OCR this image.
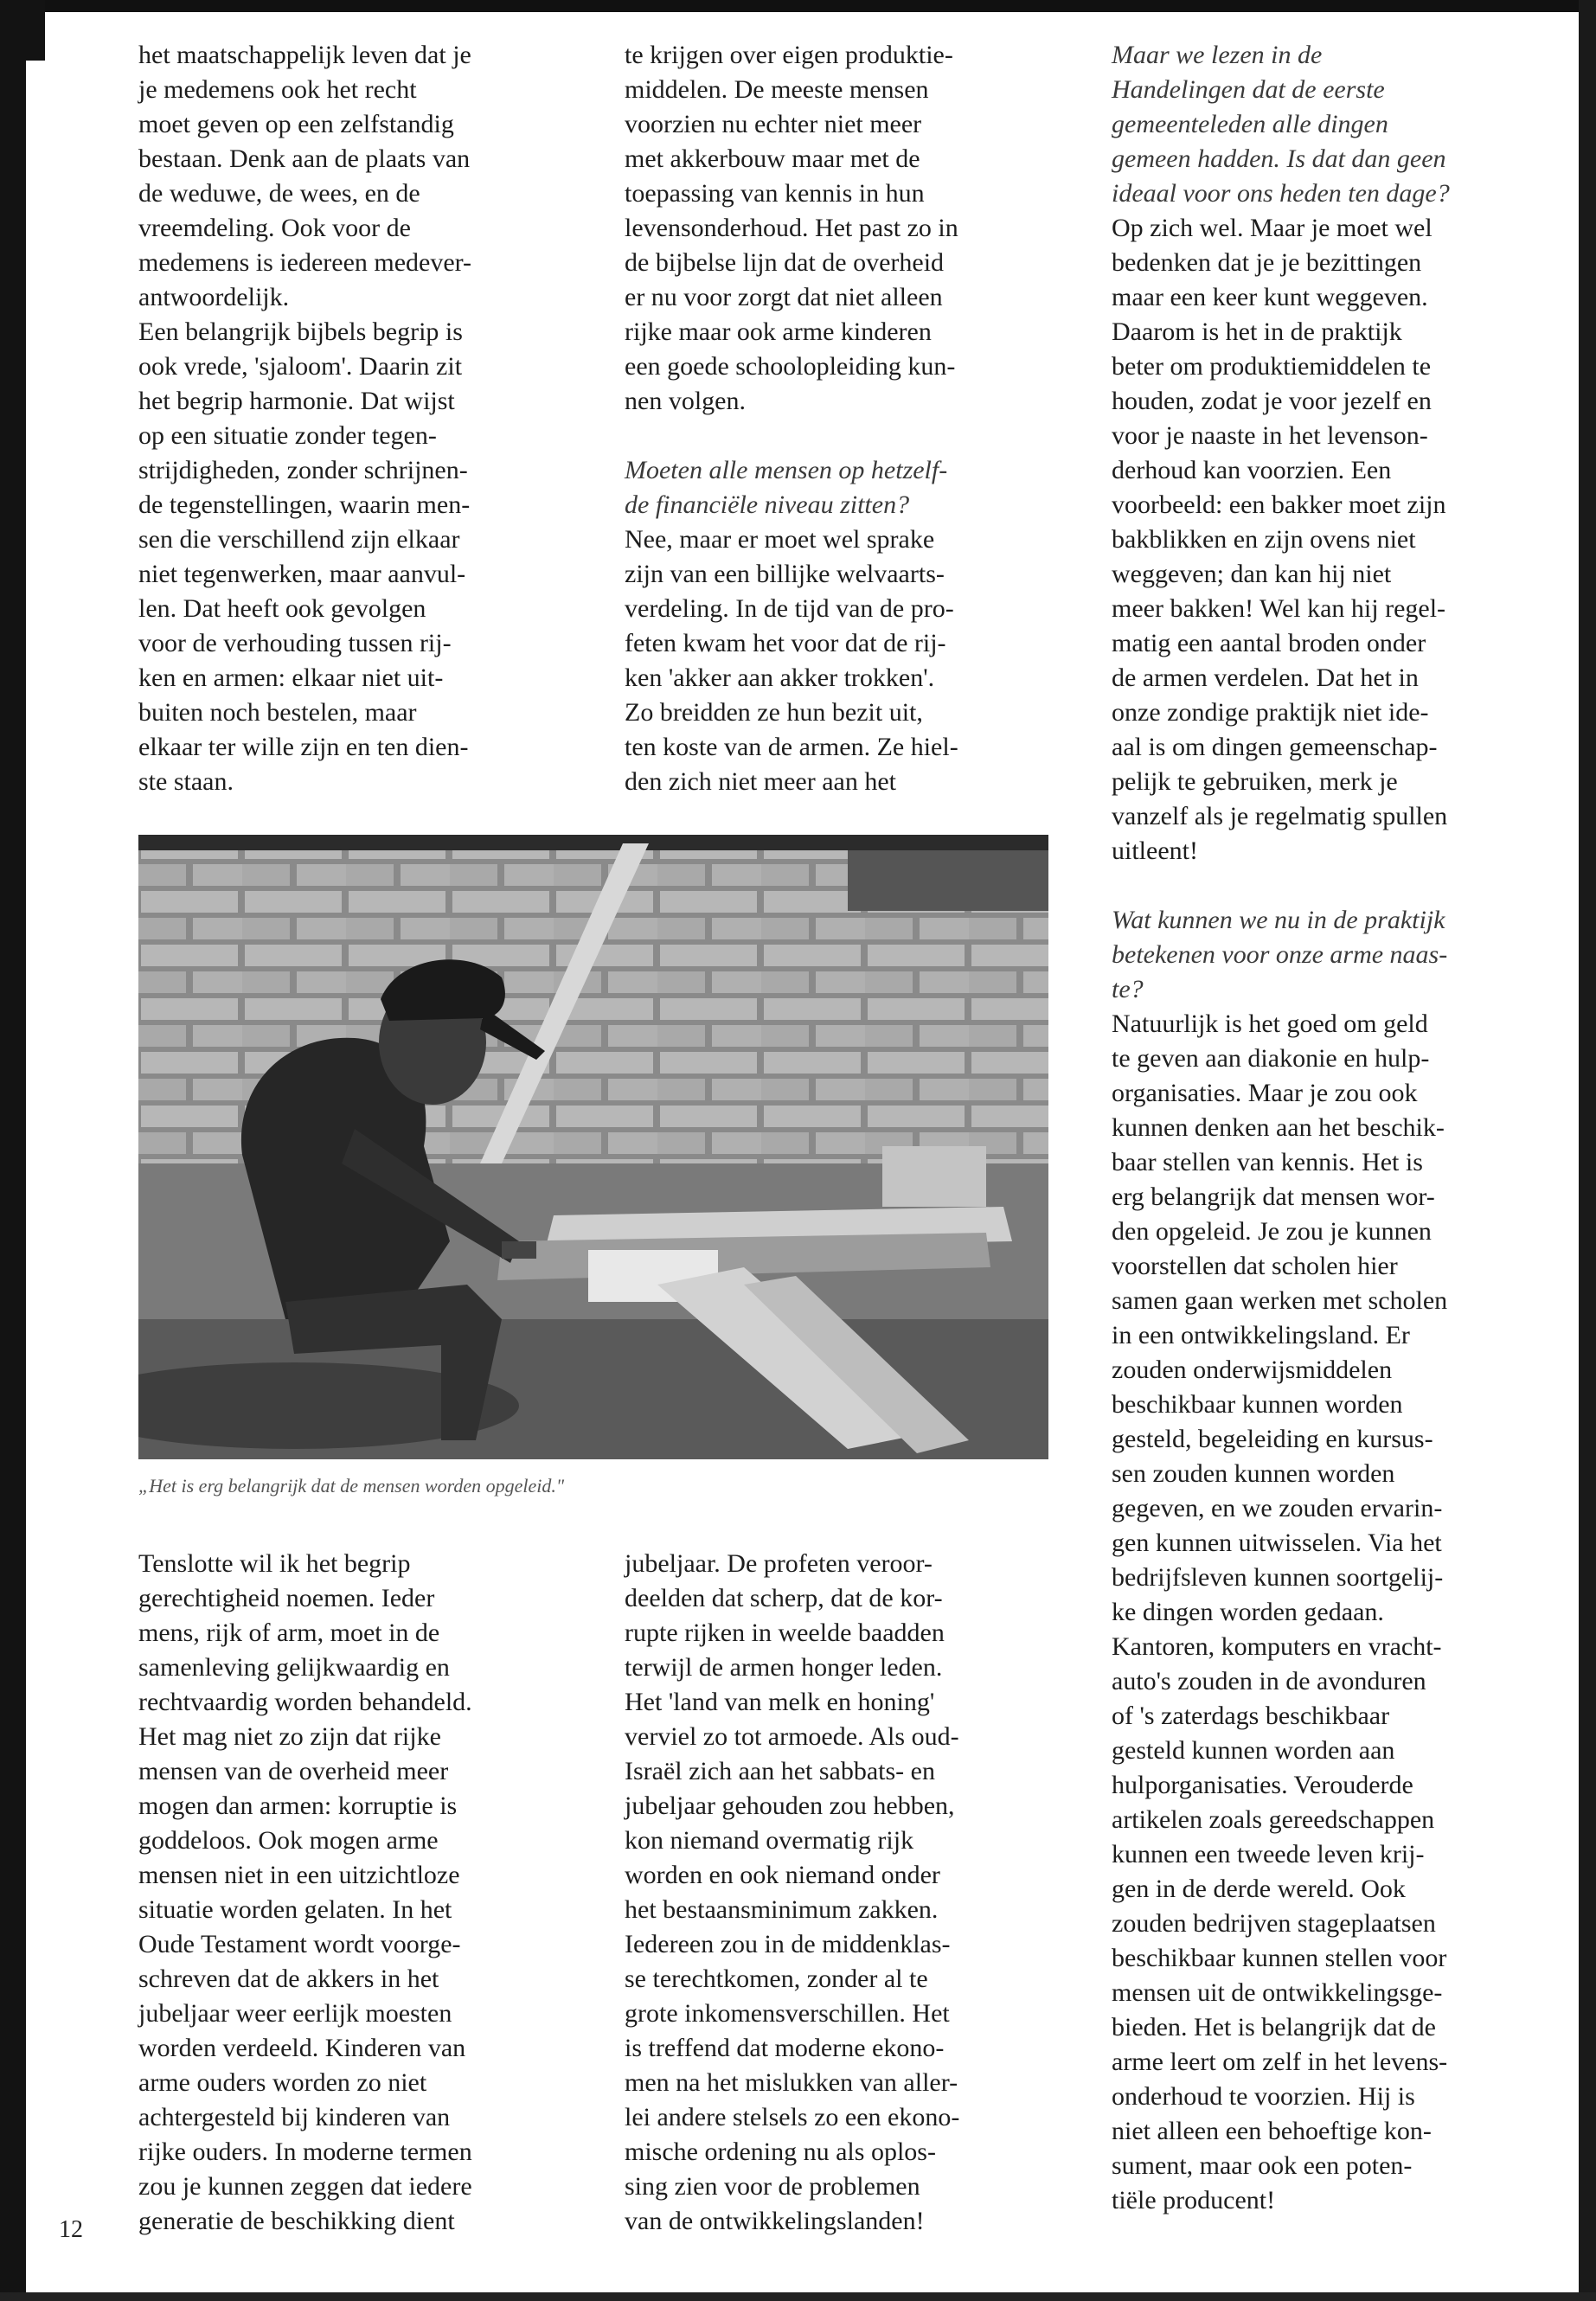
het maatschappelijk leven dat je
je medemens ook het recht
moet geven op een zelfstandig
bestaan. Denk aan de plaats van
de weduwe, de wees, en de
vreemdeling. Ook voor de
medemens is iedereen medever-
antwoordelijk.
Een belangrijk bijbels begrip is
ook vrede, 'sjaloom'. Daarin zit
het begrip harmonie. Dat wijst
op een situatie zonder tegen-
strijdigheden, zonder schrijnen-
de tegenstellingen, waarin men-
sen die verschillend zijn elkaar
niet tegenwerken, maar aanvul-
len. Dat heeft ook gevolgen
voor de verhouding tussen rij-
ken en armen: elkaar niet uit-
buiten noch bestelen, maar
elkaar ter wille zijn en ten dien-
ste staan.

te krijgen over eigen produktie-
middelen. De meeste mensen
voorzien nu echter niet meer
met akkerbouw maar met de
toepassing van kennis in hun
levensonderhoud. Het past zo in
de bijbelse lijn dat de overheid
er nu voor zorgt dat niet alleen
rijke maar ook arme kinderen
een goede schoolopleiding kun-
nen volgen.

Moeten alle mensen op hetzelf-
de financiële niveau zitten?

Nee, maar er moet wel sprake
zijn van een billijke welvaarts-
verdeling. In de tijd van de pro-
feten kwam het voor dat de rij-
ken 'akker aan akker trokken'.
Zo breidden ze hun bezit uit,
ten koste van de armen. Ze hiel-
den zich niet meer aan het

Maar we lezen in de
Handelingen dat de eerste
gemeenteleden alle dingen
gemeen hadden. Is dat dan geen
ideaal voor ons heden ten dage?

Op zich wel. Maar je moet wel
bedenken dat je je bezittingen
maar een keer kunt weggeven.
Daarom is het in de praktijk
beter om produktiemiddelen te
houden, zodat je voor jezelf en
voor je naaste in het levenson-
derhoud kan voorzien. Een
voorbeeld: een bakker moet zijn
bakblikken en zijn ovens niet
weggeven; dan kan hij niet
meer bakken! Wel kan hij regel-
matig een aantal broden onder
de armen verdelen. Dat het in
onze zondige praktijk niet ide-
aal is om dingen gemeenschap-
pelijk te gebruiken, merk je
vanzelf als je regelmatig spullen
uitleent!

Wat kunnen we nu in de praktijk
betekenen voor onze arme naas-
te?

Natuurlijk is het goed om geld
te geven aan diakonie en hulp-
organisaties. Maar je zou ook
kunnen denken aan het beschik-
baar stellen van kennis. Het is
erg belangrijk dat mensen wor-
den opgeleid. Je zou je kunnen
voorstellen dat scholen hier
samen gaan werken met scholen
in een ontwikkelingsland. Er
zouden onderwijsmiddelen
beschikbaar kunnen worden
gesteld, begeleiding en kursus-
sen zouden kunnen worden
gegeven, en we zouden ervarin-
gen kunnen uitwisselen. Via het
bedrijfsleven kunnen soortgelij-
ke dingen worden gedaan.
Kantoren, komputers en vracht-
auto's zouden in de avonduren
of 's zaterdags beschikbaar
gesteld kunnen worden aan
hulporganisaties. Verouderde
artikelen zoals gereedschappen
kunnen een tweede leven krij-
gen in de derde wereld. Ook
zouden bedrijven stageplaatsen
beschikbaar kunnen stellen voor
mensen uit de ontwikkelingsge-
bieden. Het is belangrijk dat de
arme leert om zelf in het levens-
onderhoud te voorzien. Hij is
niet alleen een behoeftige kon-
sument, maar ook een poten-
tiële producent!

„Het is erg belangrijk dat de mensen worden opgeleid."

Tenslotte wil ik het begrip
gerechtigheid noemen. Ieder
mens, rijk of arm, moet in de
samenleving gelijkwaardig en
rechtvaardig worden behandeld.
Het mag niet zo zijn dat rijke
mensen van de overheid meer
mogen dan armen: korruptie is
goddeloos. Ook mogen arme
mensen niet in een uitzichtloze
situatie worden gelaten. In het
Oude Testament wordt voorge-
schreven dat de akkers in het
jubeljaar weer eerlijk moesten
worden verdeeld. Kinderen van
arme ouders worden zo niet
achtergesteld bij kinderen van
rijke ouders. In moderne termen
zou je kunnen zeggen dat iedere
generatie de beschikking dient

jubeljaar. De profeten veroor-
deelden dat scherp, dat de kor-
rupte rijken in weelde baadden
terwijl de armen honger leden.
Het 'land van melk en honing'
verviel zo tot armoede. Als oud-
Israël zich aan het sabbats- en
jubeljaar gehouden zou hebben,
kon niemand overmatig rijk
worden en ook niemand onder
het bestaansminimum zakken.
Iedereen zou in de middenklas-
se terechtkomen, zonder al te
grote inkomensverschillen. Het
is treffend dat moderne ekono-
men na het mislukken van aller-
lei andere stelsels zo een ekono-
mische ordening nu als oplos-
sing zien voor de problemen
van de ontwikkelingslanden!

12
